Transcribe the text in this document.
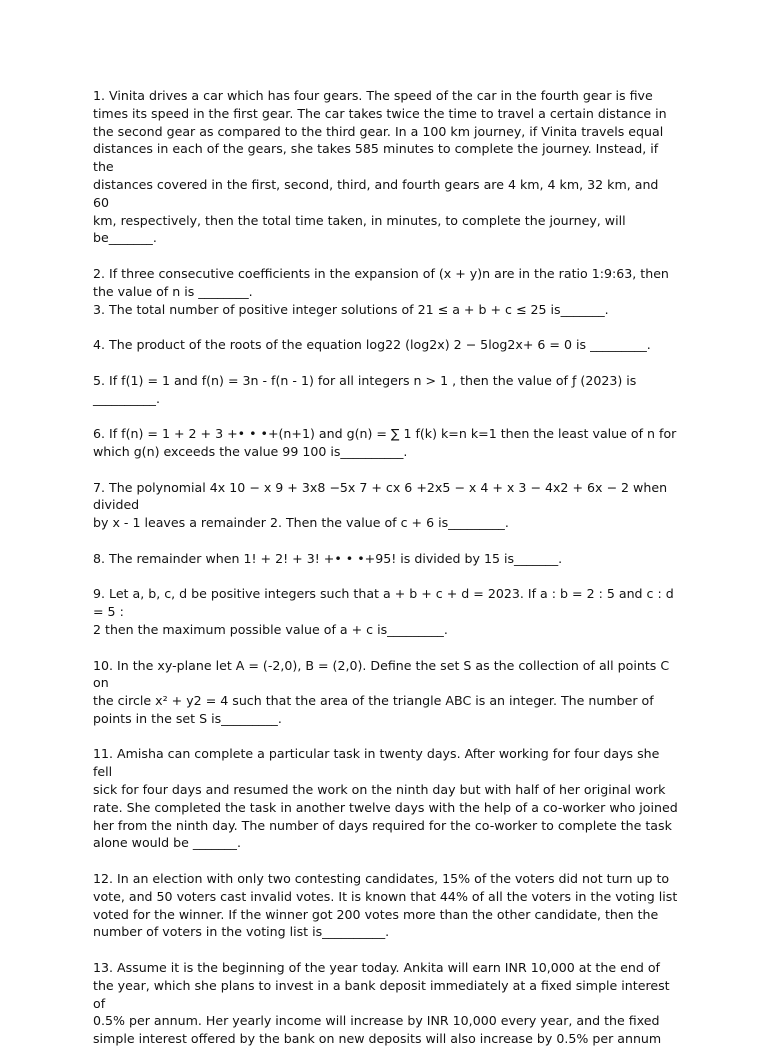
1. Vinita drives a car which has four gears. The speed of the car in the fourth gear is five
times its speed in the first gear. The car takes twice the time to travel a certain distance in
the second gear as compared to the third gear. In a 100 km journey, if Vinita travels equal
distances in each of the gears, she takes 585 minutes to complete the journey. Instead, if the
distances covered in the first, second, third, and fourth gears are 4 km, 4 km, 32 km, and 60
km, respectively, then the total time taken, in minutes, to complete the journey, will
be_______.
2. If three consecutive coefficients in the expansion of (x + y)n are in the ratio 1:9:63, then
the value of n is ________.
3. The total number of positive integer solutions of 21 ≤ a + b + c ≤ 25 is_______.
4. The product of the roots of the equation log22 (log2x) 2 − 5log2x+ 6 = 0 is _________.
5. If f(1) = 1 and f(n) = 3n - f(n - 1) for all integers n > 1 , then the value of ƒ (2023) is
__________.
6. If f(n) = 1 + 2 + 3 +• • •+(n+1) and g(n) = ∑ 1 f(k) k=n k=1 then the least value of n for
which g(n) exceeds the value 99 100 is__________.
7. The polynomial 4x 10 − x 9 + 3x8 −5x 7 + cx 6 +2x5 − x 4 + x 3 − 4x2 + 6x − 2 when divided
by x - 1 leaves a remainder 2. Then the value of c + 6 is_________.
8. The remainder when 1! + 2! + 3! +• • •+95! is divided by 15 is_______.
9. Let a, b, c, d be positive integers such that a + b + c + d = 2023. If a : b = 2 : 5 and c : d = 5 :
2 then the maximum possible value of a + c is_________.
10. In the xy-plane let A = (-2,0), B = (2,0). Define the set S as the collection of all points C on
the circle x² + y2 = 4 such that the area of the triangle ABC is an integer. The number of
points in the set S is_________.
11. Amisha can complete a particular task in twenty days. After working for four days she fell
sick for four days and resumed the work on the ninth day but with half of her original work
rate. She completed the task in another twelve days with the help of a co-worker who joined
her from the ninth day. The number of days required for the co-worker to complete the task
alone would be _______.
12. In an election with only two contesting candidates, 15% of the voters did not turn up to
vote, and 50 voters cast invalid votes. It is known that 44% of all the voters in the voting list
voted for the winner. If the winner got 200 votes more than the other candidate, then the
number of voters in the voting list is__________.
13. Assume it is the beginning of the year today. Ankita will earn INR 10,000 at the end of
the year, which she plans to invest in a bank deposit immediately at a fixed simple interest of
0.5% per annum. Her yearly income will increase by INR 10,000 every year, and the fixed
simple interest offered by the bank on new deposits will also increase by 0.5% per annum
